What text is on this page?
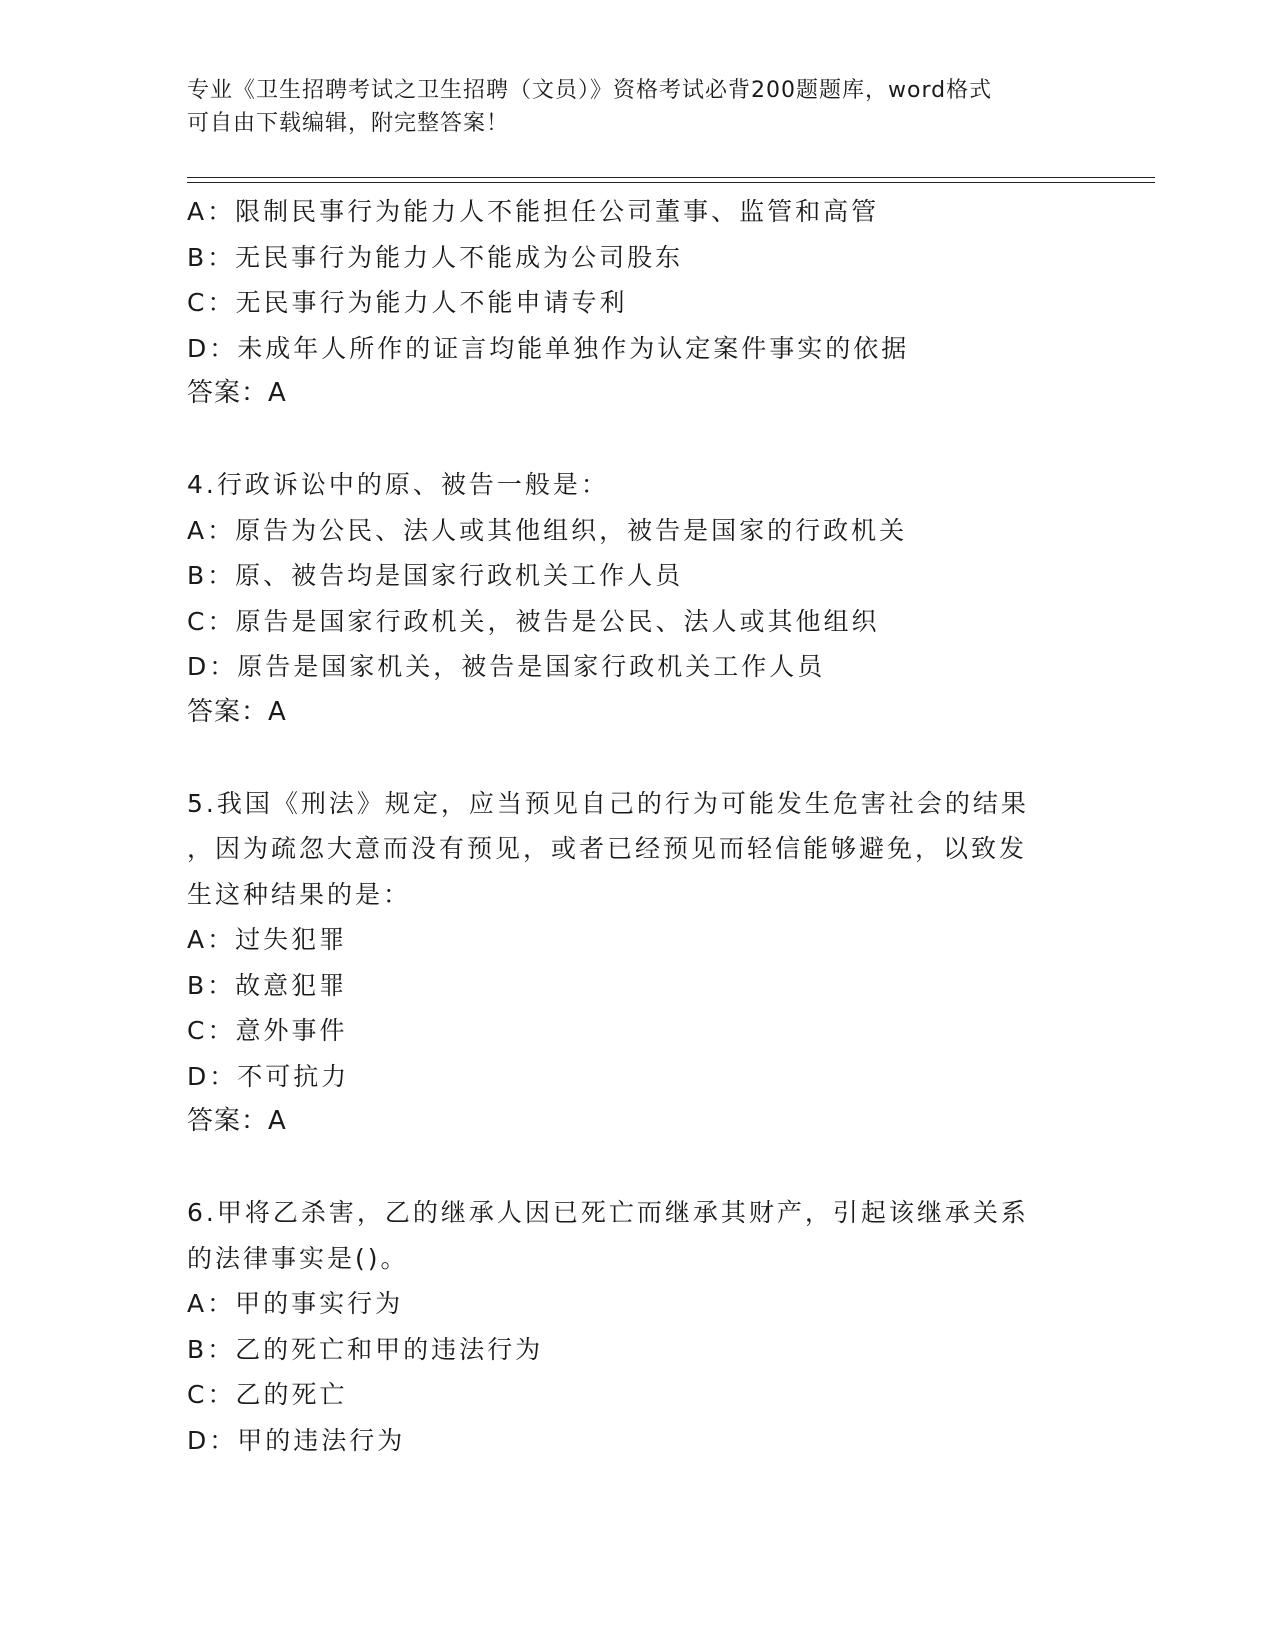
专业《卫生招聘考试之卫生招聘（文员）》资格考试必背200题题库，word格式
可自由下载编辑，附完整答案！
A：限制民事行为能力人不能担任公司董事、监管和高管
B：无民事行为能力人不能成为公司股东
C：无民事行为能力人不能申请专利
D：未成年人所作的证言均能单独作为认定案件事实的依据
答案：A
4.行政诉讼中的原、被告一般是：
A：原告为公民、法人或其他组织，被告是国家的行政机关
B：原、被告均是国家行政机关工作人员
C：原告是国家行政机关，被告是公民、法人或其他组织
D：原告是国家机关，被告是国家行政机关工作人员
答案：A
5.我国《刑法》规定，应当预见自己的行为可能发生危害社会的结果
，因为疏忽大意而没有预见，或者已经预见而轻信能够避免，以致发
生这种结果的是：
A：过失犯罪
B：故意犯罪
C：意外事件
D：不可抗力
答案：A
6.甲将乙杀害，乙的继承人因已死亡而继承其财产，引起该继承关系
的法律事实是()。
A：甲的事实行为
B：乙的死亡和甲的违法行为
C：乙的死亡
D：甲的违法行为
